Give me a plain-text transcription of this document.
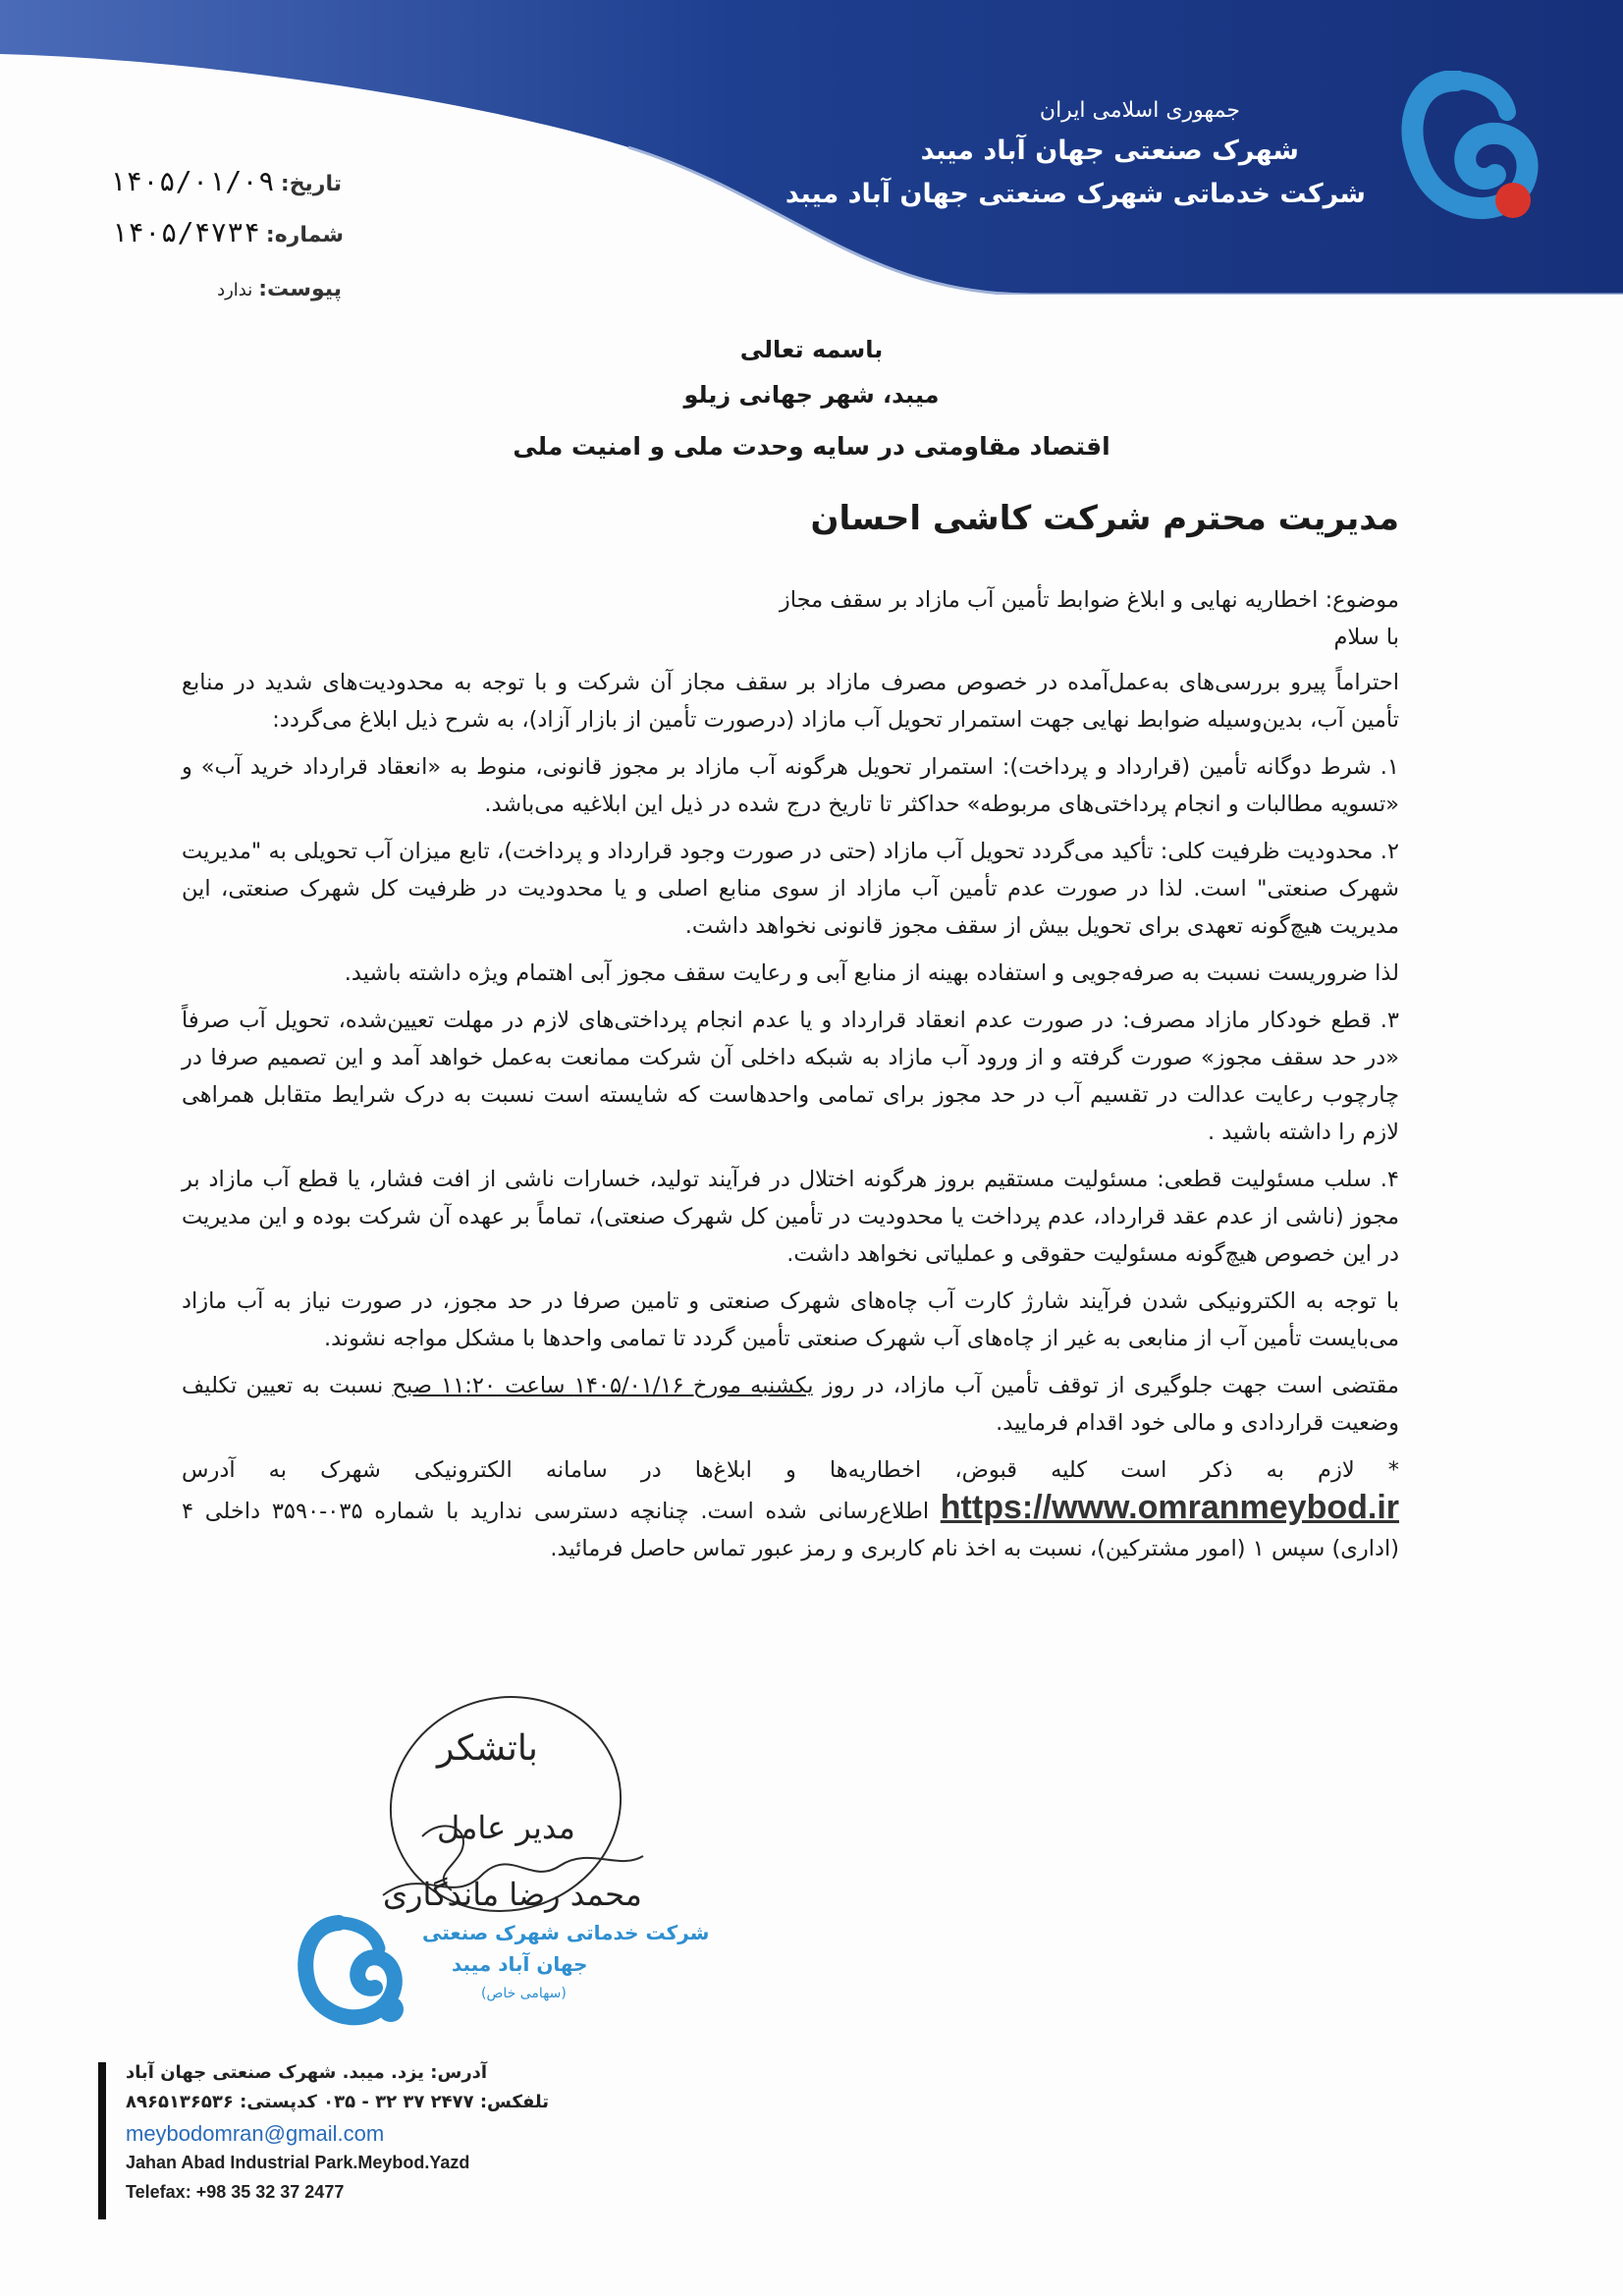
جمهوری اسلامی ایران
شهرک صنعتی جهان آباد میبد
شرکت خدماتی شهرک صنعتی جهان آباد میبد
تاریخ:
۱۴۰۵/۰۱/۰۹
شماره:
۱۴۰۵/۴۷۳۴
پیوست:
ندارد
باسمه تعالی
میبد، شهر جهانی زیلو
اقتصاد مقاومتی در سایه وحدت ملی و امنیت ملی
مدیریت محترم شرکت کاشی احسان

موضوع: اخطاریه نهایی و ابلاغ ضوابط تأمین آب مازاد بر سقف مجاز

با سلام

احتراماً پیرو بررسی‌های به‌عمل‌آمده در خصوص مصرف مازاد بر سقف مجاز آن شرکت و با توجه به محدودیت‌های شدید در منابع تأمین آب، بدین‌وسیله ضوابط نهایی جهت استمرار تحویل آب مازاد (درصورت تأمین از بازار آزاد)، به شرح ذیل ابلاغ می‌گردد:

۱. شرط دوگانه تأمین (قرارداد و پرداخت): استمرار تحویل هرگونه آب مازاد بر مجوز قانونی، منوط به «انعقاد قرارداد خرید آب» و «تسویه مطالبات و انجام پرداختی‌های مربوطه» حداکثر تا تاریخ درج شده در ذیل این ابلاغیه می‌باشد.

۲. محدودیت ظرفیت کلی: تأکید می‌گردد تحویل آب مازاد (حتی در صورت وجود قرارداد و پرداخت)، تابع میزان آب تحویلی به "مدیریت شهرک صنعتی" است. لذا در صورت عدم تأمین آب مازاد از سوی منابع اصلی و یا محدودیت در ظرفیت کل شهرک صنعتی، این مدیریت هیچ‌گونه تعهدی برای تحویل بیش از سقف مجوز قانونی نخواهد داشت.

لذا ضروریست نسبت به صرفه‌جویی و استفاده بهینه از منابع آبی و رعایت سقف مجوز آبی اهتمام ویژه داشته باشید.

۳. قطع خودکار مازاد مصرف: در صورت عدم انعقاد قرارداد و یا عدم انجام پرداختی‌های لازم در مهلت تعیین‌شده، تحویل آب صرفاً «در حد سقف مجوز» صورت گرفته و از ورود آب مازاد به شبکه داخلی آن شرکت ممانعت به‌عمل خواهد آمد و این تصمیم صرفا در چارچوب رعایت عدالت در تقسیم آب در حد مجوز برای تمامی واحدهاست که شایسته است نسبت به درک شرایط متقابل همراهی لازم را داشته باشید .

۴. سلب مسئولیت قطعی: مسئولیت مستقیم بروز هرگونه اختلال در فرآیند تولید، خسارات ناشی از افت فشار، یا قطع آب مازاد بر مجوز (ناشی از عدم عقد قرارداد، عدم پرداخت یا محدودیت در تأمین کل شهرک صنعتی)، تماماً بر عهده آن شرکت بوده و این مدیریت در این خصوص هیچ‌گونه مسئولیت حقوقی و عملیاتی نخواهد داشت.

با توجه به الکترونیکی شدن فرآیند شارژ کارت آب چاه‌های شهرک صنعتی و تامین صرفا در حد مجوز، در صورت نیاز به آب مازاد می‌بایست تأمین آب از منابعی به غیر از چاه‌های آب شهرک صنعتی تأمین گردد تا تمامی واحدها با مشکل مواجه نشوند.

مقتضی است جهت جلوگیری از توقف تأمین آب مازاد، در روز یکشنبه مورخ ۱۴۰۵/۰۱/۱۶ ساعت ۱۱:۲۰ صبح نسبت به تعیین تکلیف وضعیت قراردادی و مالی خود اقدام فرمایید.

* لازم به ذکر است کلیه قبوض، اخطاریه‌ها و ابلاغ‌ها در سامانه الکترونیکی شهرک به آدرس https://www.omranmeybod.ir اطلاع‌رسانی شده است. چنانچه دسترسی ندارید با شماره ۰۳۵-۳۵۹۰ داخلی ۴ (اداری) سپس ۱ (امور مشترکین)، نسبت به اخذ نام کاربری و رمز عبور تماس حاصل فرمائید.

باتشکر
مدیر عامل
محمد رضا ماندگاری
شرکت خدماتی شهرک صنعتی
جهان آباد میبد
(سهامی خاص)
آدرس: یزد. میبد. شهرک صنعتی جهان آباد
تلفکس: ۲۴۷۷ ۳۷ ۳۲ - ۰۳۵ کدپستی: ۸۹۶۵۱۳۶۵۳۶
meybodomran@gmail.com
Jahan Abad Industrial Park.Meybod.Yazd
Telefax: +98 35 32 37 2477
